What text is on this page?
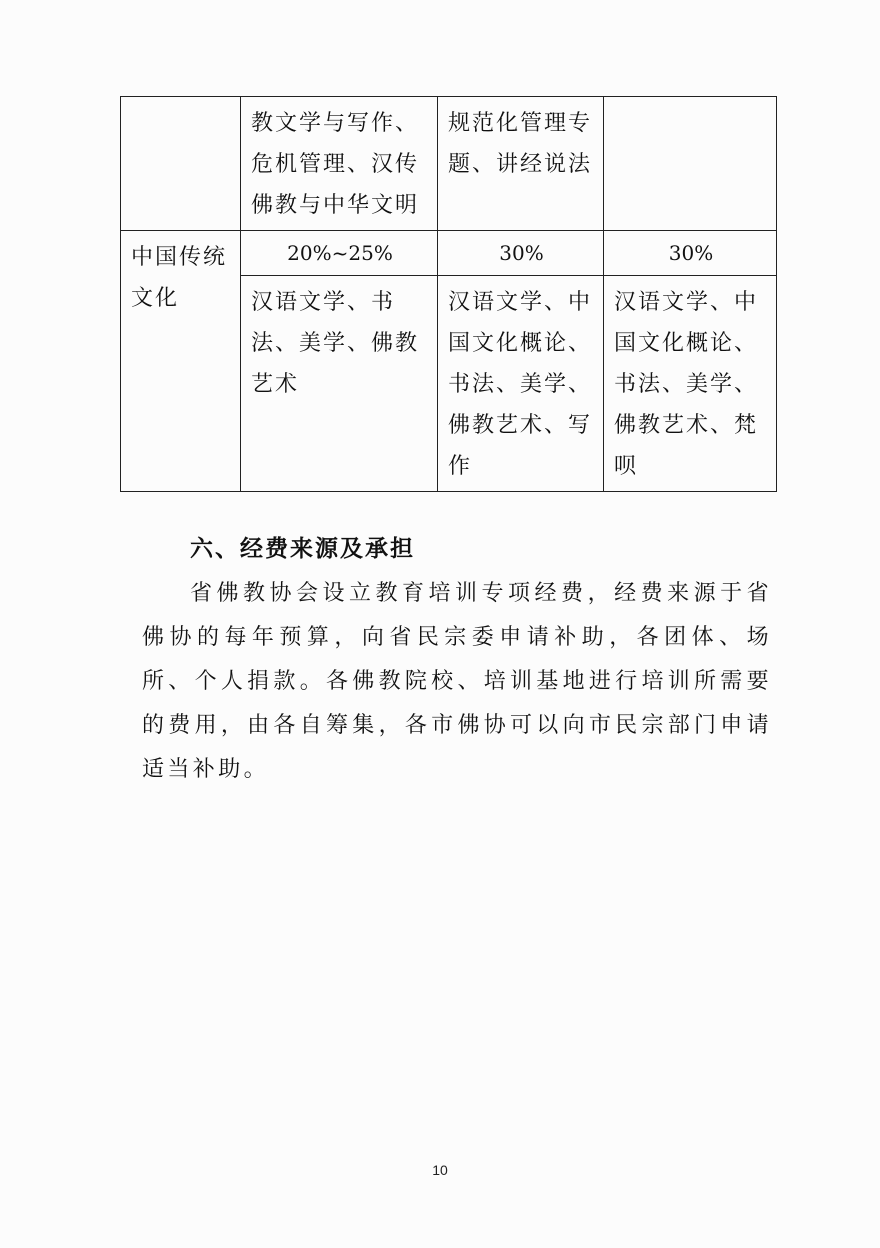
	教文学与写作、危机管理、汉传佛教与中华文明	规范化管理专题、讲经说法	
中国传统文化	20%~25%	30%	30%
	汉语文学、书法、美学、佛教艺术	汉语文学、中国文化概论、书法、美学、佛教艺术、写作	汉语文学、中国文化概论、书法、美学、佛教艺术、梵呗
六、经费来源及承担

省佛教协会设立教育培训专项经费，经费来源于省佛协的每年预算，向省民宗委申请补助，各团体、场所、个人捐款。各佛教院校、培训基地进行培训所需要的费用，由各自筹集，各市佛协可以向市民宗部门申请适当补助。

10
